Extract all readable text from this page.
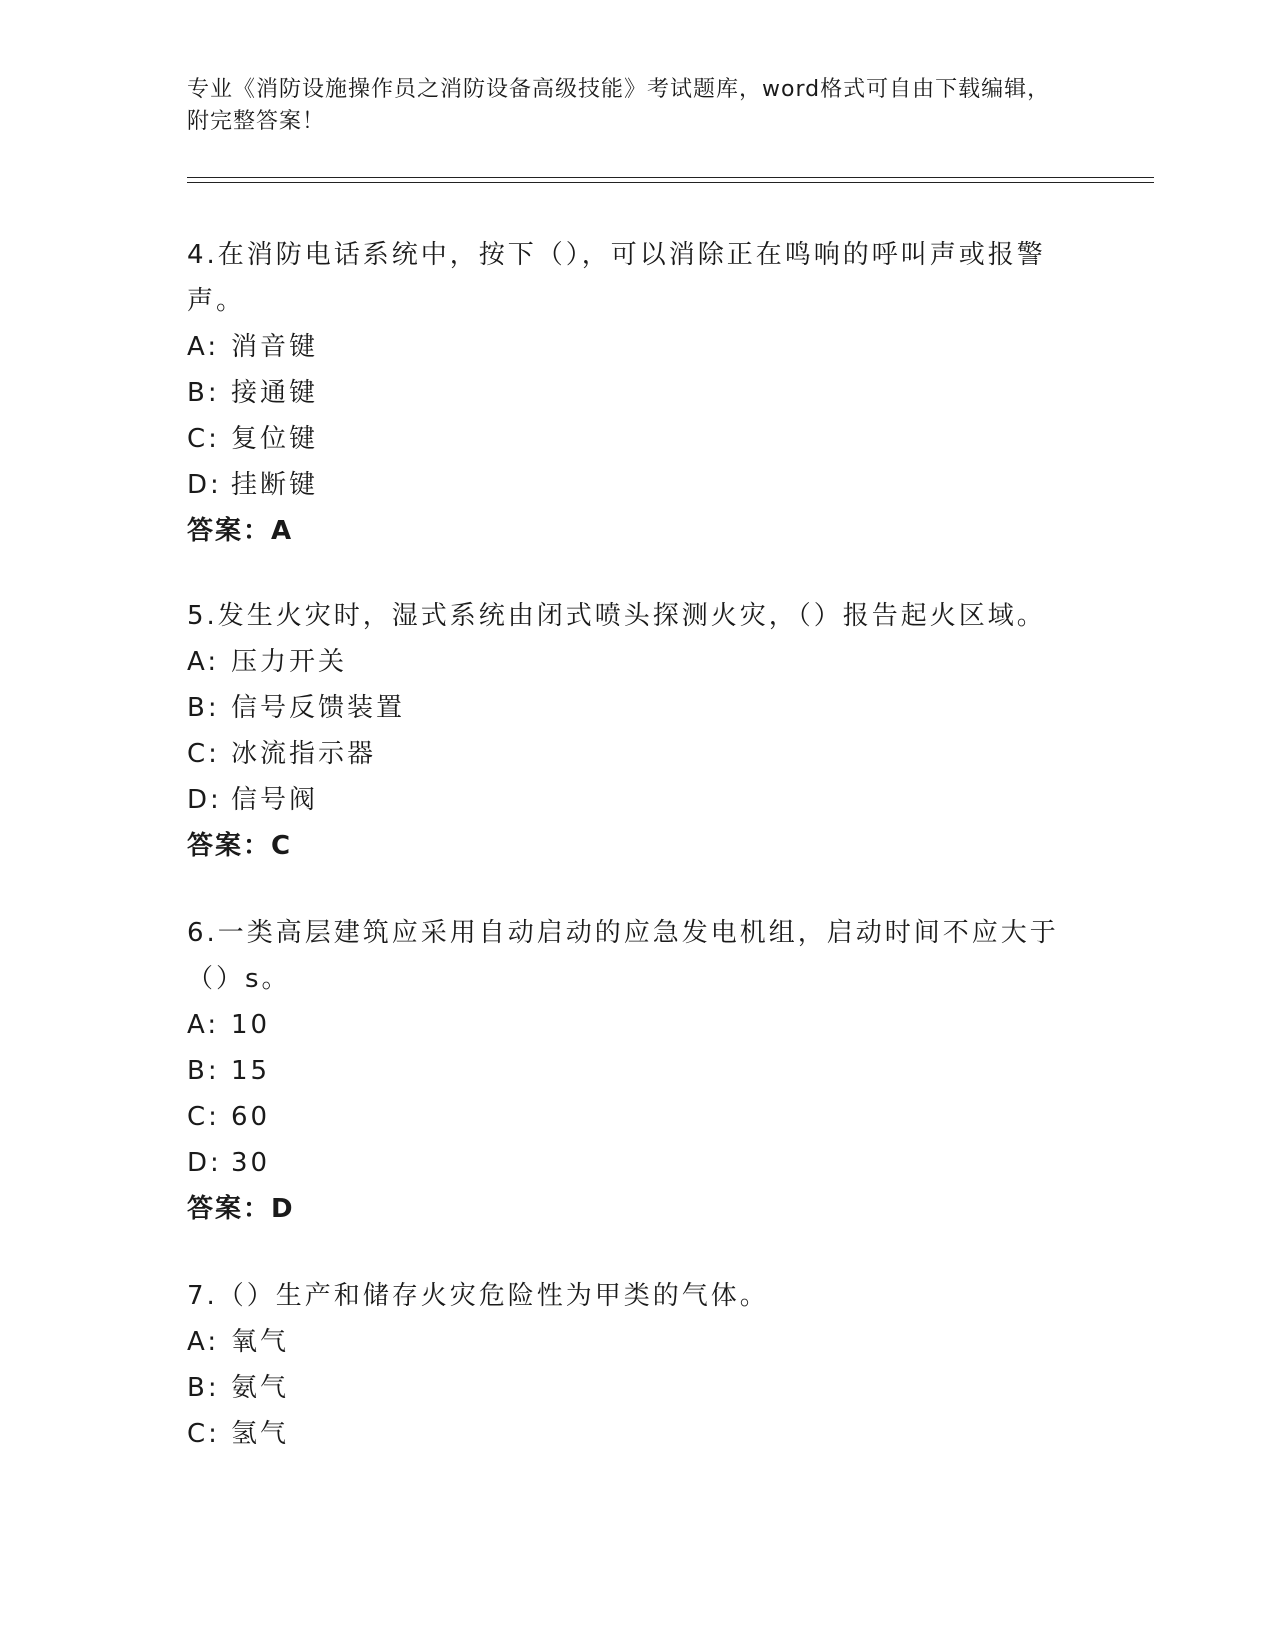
专业《消防设施操作员之消防设备高级技能》考试题库，word格式可自由下载编辑，附完整答案！

4.在消防电话系统中，按下（），可以消除正在鸣响的呼叫声或报警声。

A: 消音键

B: 接通键

C: 复位键

D: 挂断键

答案：A

5.发生火灾时，湿式系统由闭式喷头探测火灾，（）报告起火区域。

A: 压力开关

B: 信号反馈装置

C: 冰流指示器

D: 信号阀

答案：C

6.一类高层建筑应采用自动启动的应急发电机组，启动时间不应大于（）s。

A: 10

B: 15

C: 60

D: 30

答案：D

7.（）生产和储存火灾危险性为甲类的气体。

A: 氧气

B: 氨气

C: 氢气
